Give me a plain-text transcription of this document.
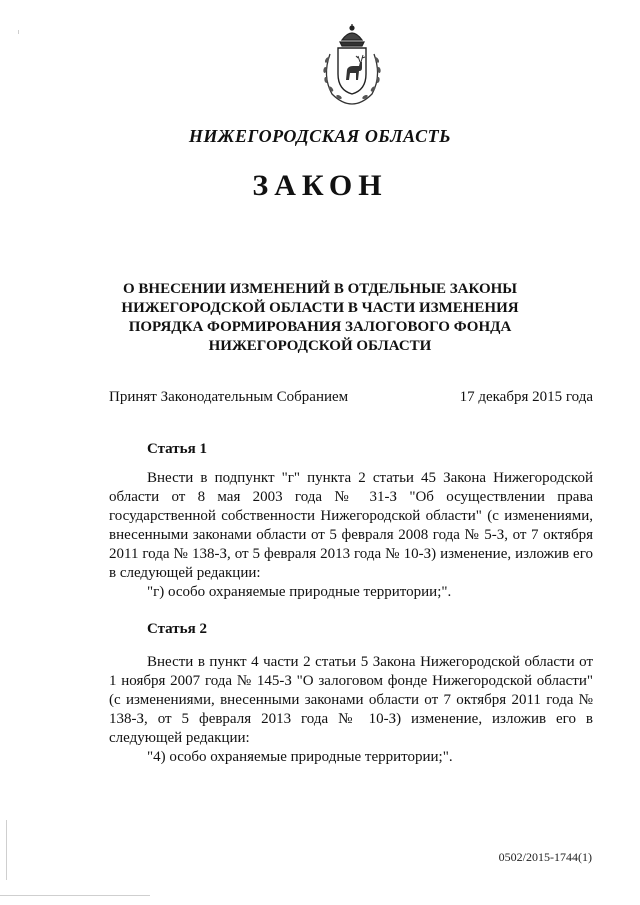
НИЖЕГОРОДСКАЯ ОБЛАСТЬ
ЗАКОН
О ВНЕСЕНИИ ИЗМЕНЕНИЙ В ОТДЕЛЬНЫЕ ЗАКОНЫ НИЖЕГОРОДСКОЙ ОБЛАСТИ В ЧАСТИ ИЗМЕНЕНИЯ ПОРЯДКА ФОРМИРОВАНИЯ ЗАЛОГОВОГО ФОНДА НИЖЕГОРОДСКОЙ ОБЛАСТИ
Принят Законодательным Собранием	17 декабря 2015 года
Статья 1

Внести в подпункт "г" пункта 2 статьи 45 Закона Нижегородской области от 8 мая 2003 года № 31-З "Об осуществлении права государственной собственности Нижегородской области" (с изменениями, внесенными законами области от 5 февраля 2008 года № 5-З, от 7 октября 2011 года № 138-З, от 5 февраля 2013 года № 10-З) изменение, изложив его в следующей редакции:

"г) особо охраняемые природные территории;".

Статья 2

Внести в пункт 4 части 2 статьи 5 Закона Нижегородской области от 1 ноября 2007 года № 145-З "О залоговом фонде Нижегородской области" (с изменениями, внесенными законами области от 7 октября 2011 года № 138-З, от 5 февраля 2013 года № 10-З) изменение, изложив его в следующей редакции:

"4) особо охраняемые природные территории;".

0502/2015-1744(1)
